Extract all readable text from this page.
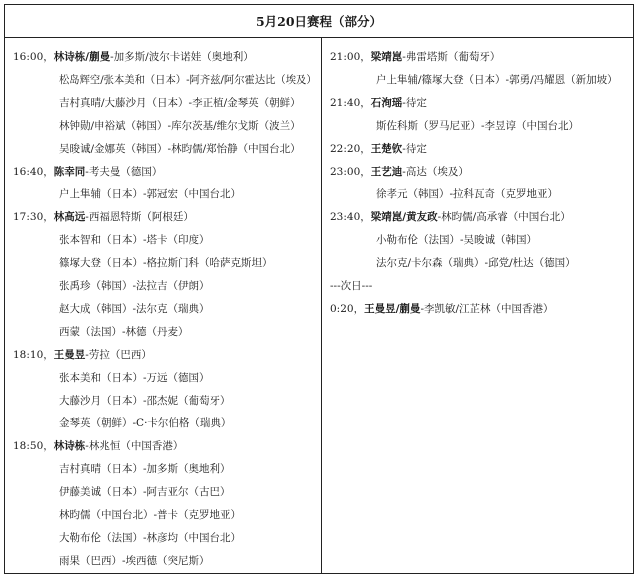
5月20日赛程（部分）
16:00，林诗栋/蒯曼-加多斯/波尔卡诺娃（奥地利）
松岛辉空/张本美和（日本）-阿齐兹/阿尔霍达比（埃及）
吉村真晴/大藤沙月（日本）-李正植/金琴英（朝鲜）
林钟勋/申裕斌（韩国）-库尔茨基/维尔戈斯（波兰）
吴晙诚/金娜英（韩国）-林昀儒/郑怡静（中国台北）
16:40，陈幸同-考夫曼（德国）
户上隼辅（日本）-郭冠宏（中国台北）
17:30，林高远-西福恩特斯（阿根廷）
张本智和（日本）-塔卡（印度）
篠塚大登（日本）-格拉斯门科（哈萨克斯坦）
张禹珍（韩国）-法拉吉（伊朗）
赵大成（韩国）-法尔克（瑞典）
西蒙（法国）-林德（丹麦）
18:10，王曼昱-劳拉（巴西）
张本美和（日本）-万远（德国）
大藤沙月（日本）-邵杰妮（葡萄牙）
金琴英（朝鲜）-C·卡尔伯格（瑞典）
18:50，林诗栋-林兆恒（中国香港）
吉村真晴（日本）-加多斯（奥地利）
伊藤美诚（日本）-阿吉亚尔（古巴）
林昀儒（中国台北）-普卡（克罗地亚）
大勒布伦（法国）-林彦均（中国台北）
雨果（巴西）-埃西德（突尼斯）
21:00，梁靖崑-弗雷塔斯（葡萄牙）
户上隼辅/篠塚大登（日本）-郭勇/冯耀恩（新加坡）
21:40，石洵瑶-待定
斯佐科斯（罗马尼亚）-李昱谆（中国台北）
22:20，王楚钦-待定
23:00，王艺迪-高达（埃及）
徐孝元（韩国）-拉科瓦奇（克罗地亚）
23:40，梁靖崑/黄友政-林昀儒/高承睿（中国台北）
小勒布伦（法国）-吴晙诚（韩国）
法尔克/卡尔森（瑞典）-邱党/杜达（德国）
---次日---
0:20，王曼昱/蒯曼-李凯敏/江芷林（中国香港）
